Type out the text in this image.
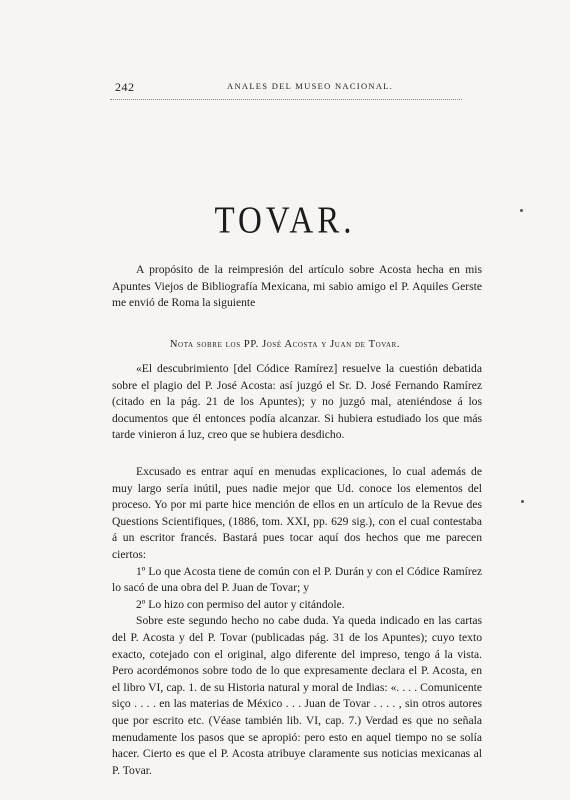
242	ANALES DEL MUSEO NACIONAL.
TOVAR.

A propósito de la reimpresión del artículo sobre Acosta hecha en mis Apuntes Viejos de Bibliografía Mexicana, mi sabio amigo el P. Aquiles Gerste me envió de Roma la siguiente

Nota sobre los PP. José Acosta y Juan de Tovar.

«El descubrimiento [del Códice Ramírez] resuelve la cuestión debatida sobre el plagio del P. José Acosta: así juzgó el Sr. D. José Fernando Ramírez (citado en la pág. 21 de los Apuntes); y no juzgó mal, ateniéndose á los documentos que él entonces podía alcanzar. Si hubiera estudiado los que más tarde vinieron á luz, creo que se hubiera desdicho.

Excusado es entrar aquí en menudas explicaciones, lo cual además de muy largo sería inútil, pues nadie mejor que Ud. conoce los elementos del proceso. Yo por mi parte hice mención de ellos en un artículo de la Revue des Questions Scientifiques, (1886, tom. XXI, pp. 629 sig.), con el cual contestaba á un escritor francés. Bastará pues tocar aquí dos hechos que me parecen ciertos:

1º Lo que Acosta tiene de común con el P. Durán y con el Códice Ramírez lo sacó de una obra del P. Juan de Tovar; y

2º Lo hizo con permiso del autor y citándole.

Sobre este segundo hecho no cabe duda. Ya queda indicado en las cartas del P. Acosta y del P. Tovar (publicadas pág. 31 de los Apuntes); cuyo texto exacto, cotejado con el original, algo diferente del impreso, tengo á la vista. Pero acordémonos sobre todo de lo que expresamente declara el P. Acosta, en el libro VI, cap. 1. de su Historia natural y moral de Indias: «. . . . Comunicente siço . . . . en las materias de México . . . Juan de Tovar . . . . , sin otros autores que por escrito etc. (Véase también lib. VI, cap. 7.) Verdad es que no señala menudamente los pasos que se apropió: pero esto en aquel tiempo no se solía hacer. Cierto es que el P. Acosta atribuye claramente sus noticias mexicanas al P. Tovar.
